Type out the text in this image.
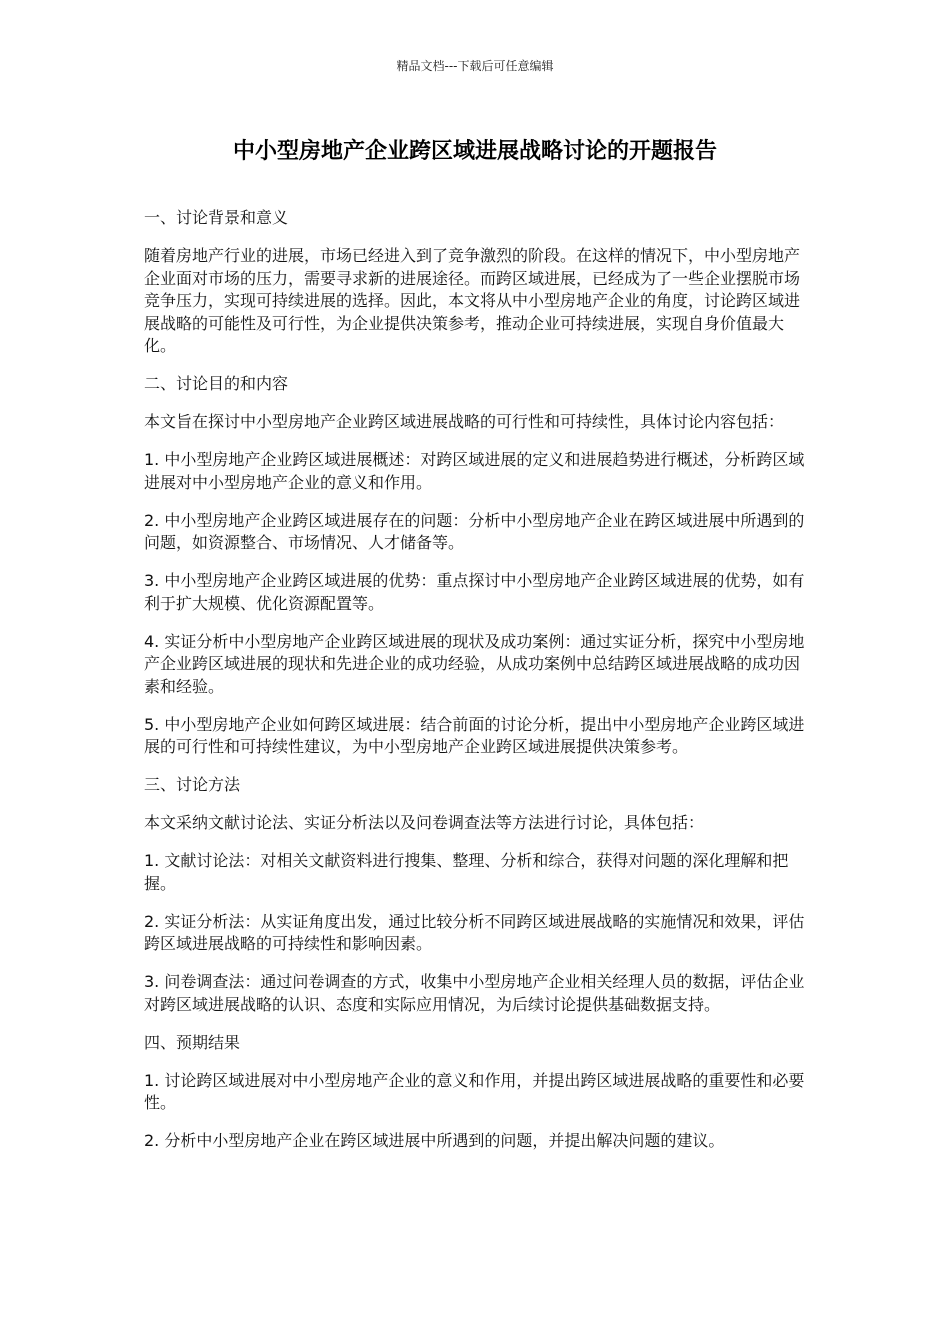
精品文档---下载后可任意编辑
中小型房地产企业跨区域进展战略讨论的开题报告

一、讨论背景和意义

随着房地产行业的进展，市场已经进入到了竞争激烈的阶段。在这样的情况下，中小型房地产企业面对市场的压力，需要寻求新的进展途径。而跨区域进展，已经成为了一些企业摆脱市场竞争压力，实现可持续进展的选择。因此，本文将从中小型房地产企业的角度，讨论跨区域进展战略的可能性及可行性，为企业提供决策参考，推动企业可持续进展，实现自身价值最大化。

二、讨论目的和内容

本文旨在探讨中小型房地产企业跨区域进展战略的可行性和可持续性，具体讨论内容包括：

1. 中小型房地产企业跨区域进展概述：对跨区域进展的定义和进展趋势进行概述，分析跨区域进展对中小型房地产企业的意义和作用。

2. 中小型房地产企业跨区域进展存在的问题：分析中小型房地产企业在跨区域进展中所遇到的问题，如资源整合、市场情况、人才储备等。

3. 中小型房地产企业跨区域进展的优势：重点探讨中小型房地产企业跨区域进展的优势，如有利于扩大规模、优化资源配置等。

4. 实证分析中小型房地产企业跨区域进展的现状及成功案例：通过实证分析，探究中小型房地产企业跨区域进展的现状和先进企业的成功经验，从成功案例中总结跨区域进展战略的成功因素和经验。

5. 中小型房地产企业如何跨区域进展：结合前面的讨论分析，提出中小型房地产企业跨区域进展的可行性和可持续性建议，为中小型房地产企业跨区域进展提供决策参考。

三、讨论方法

本文采纳文献讨论法、实证分析法以及问卷调查法等方法进行讨论，具体包括：

1. 文献讨论法：对相关文献资料进行搜集、整理、分析和综合，获得对问题的深化理解和把握。

2. 实证分析法：从实证角度出发，通过比较分析不同跨区域进展战略的实施情况和效果，评估跨区域进展战略的可持续性和影响因素。

3. 问卷调查法：通过问卷调查的方式，收集中小型房地产企业相关经理人员的数据，评估企业对跨区域进展战略的认识、态度和实际应用情况，为后续讨论提供基础数据支持。

四、预期结果

1. 讨论跨区域进展对中小型房地产企业的意义和作用，并提出跨区域进展战略的重要性和必要性。

2. 分析中小型房地产企业在跨区域进展中所遇到的问题，并提出解决问题的建议。
